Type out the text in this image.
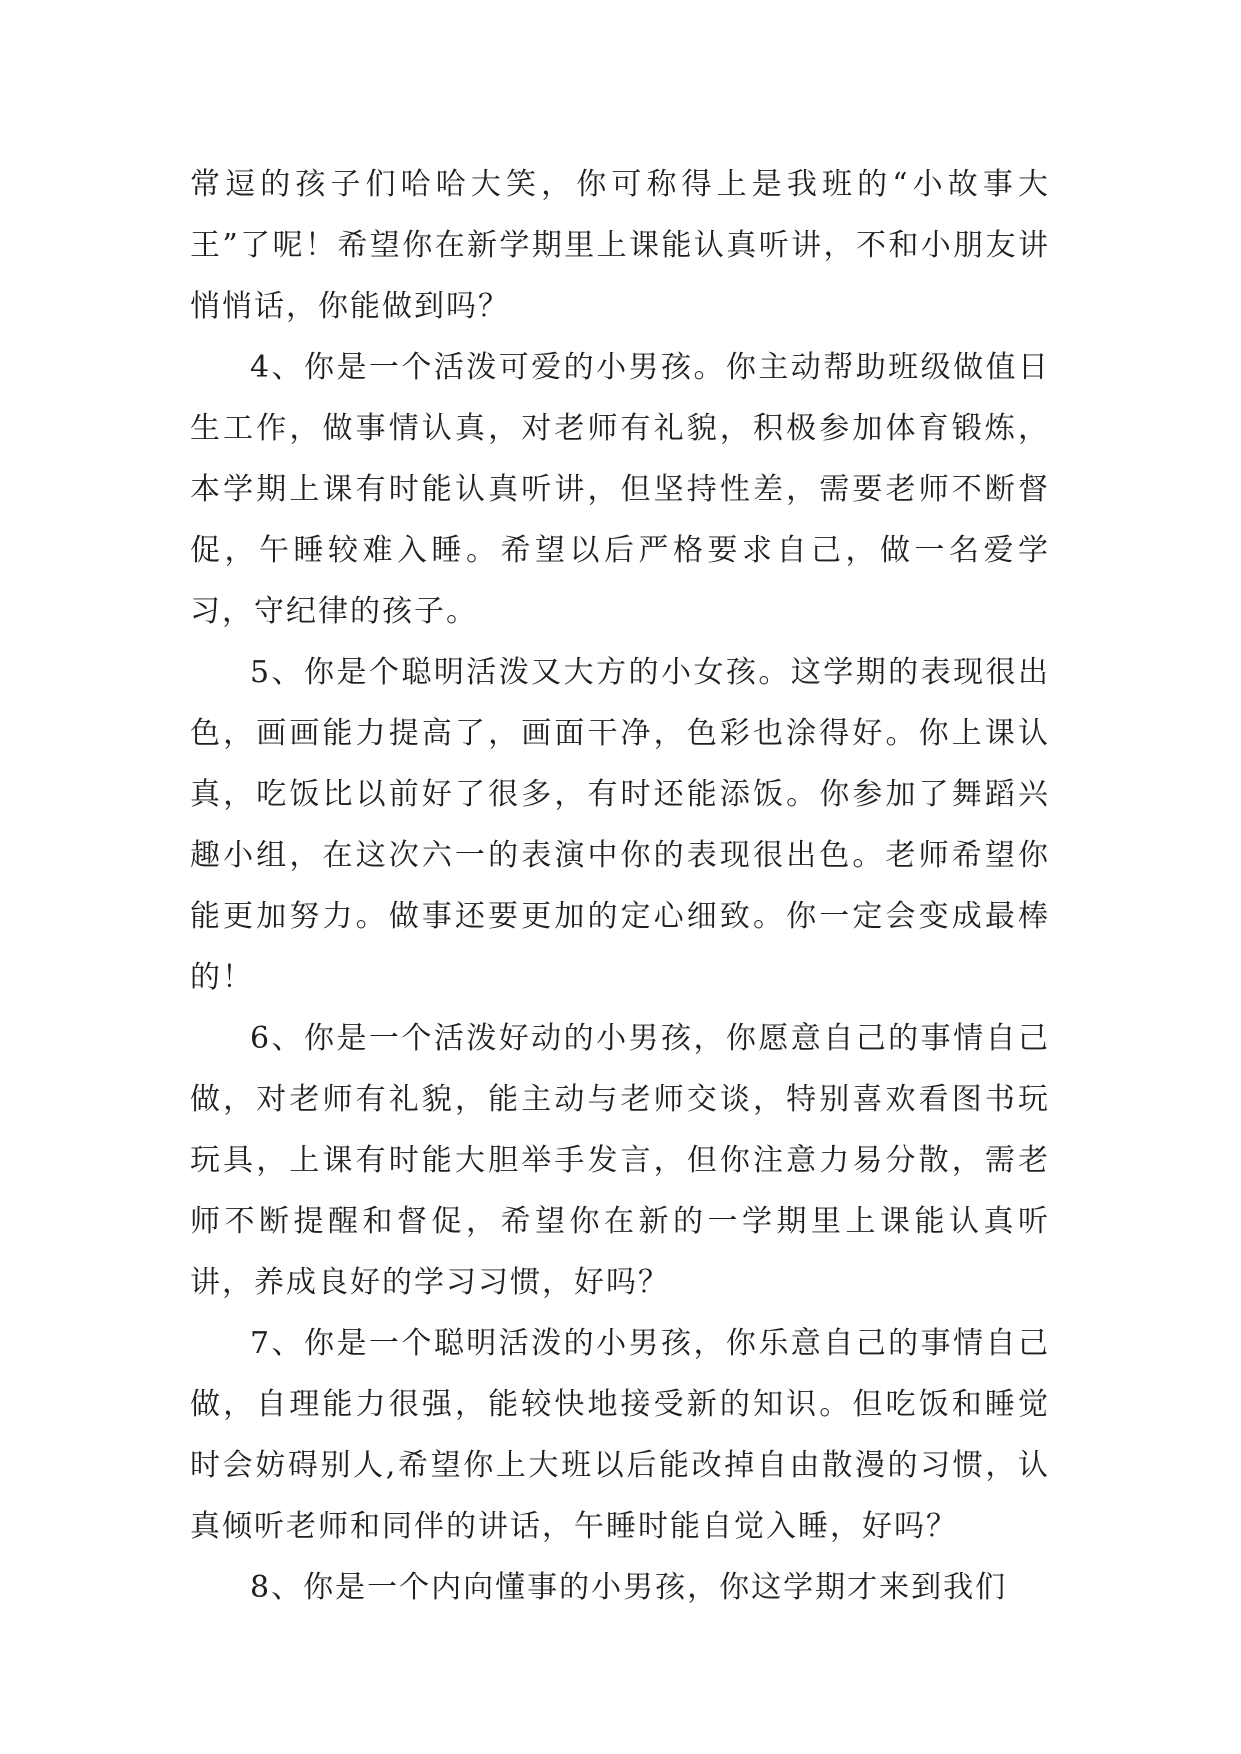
常逗的孩子们哈哈大笑，你可称得上是我班的“小故事大王”了呢！希望你在新学期里上课能认真听讲，不和小朋友讲悄悄话，你能做到吗？

4、你是一个活泼可爱的小男孩。你主动帮助班级做值日生工作，做事情认真，对老师有礼貌，积极参加体育锻炼，本学期上课有时能认真听讲，但坚持性差，需要老师不断督促，午睡较难入睡。希望以后严格要求自己，做一名爱学习，守纪律的孩子。

5、你是个聪明活泼又大方的小女孩。这学期的表现很出色，画画能力提高了，画面干净，色彩也涂得好。你上课认真，吃饭比以前好了很多，有时还能添饭。你参加了舞蹈兴趣小组，在这次六一的表演中你的表现很出色。老师希望你能更加努力。做事还要更加的定心细致。你一定会变成最棒的！

6、你是一个活泼好动的小男孩，你愿意自己的事情自己做，对老师有礼貌，能主动与老师交谈，特别喜欢看图书玩玩具，上课有时能大胆举手发言，但你注意力易分散，需老师不断提醒和督促，希望你在新的一学期里上课能认真听讲，养成良好的学习习惯，好吗？

7、你是一个聪明活泼的小男孩，你乐意自己的事情自己做，自理能力很强，能较快地接受新的知识。但吃饭和睡觉时会妨碍别人,希望你上大班以后能改掉自由散漫的习惯，认真倾听老师和同伴的讲话，午睡时能自觉入睡，好吗？

8、你是一个内向懂事的小男孩，你这学期才来到我们
